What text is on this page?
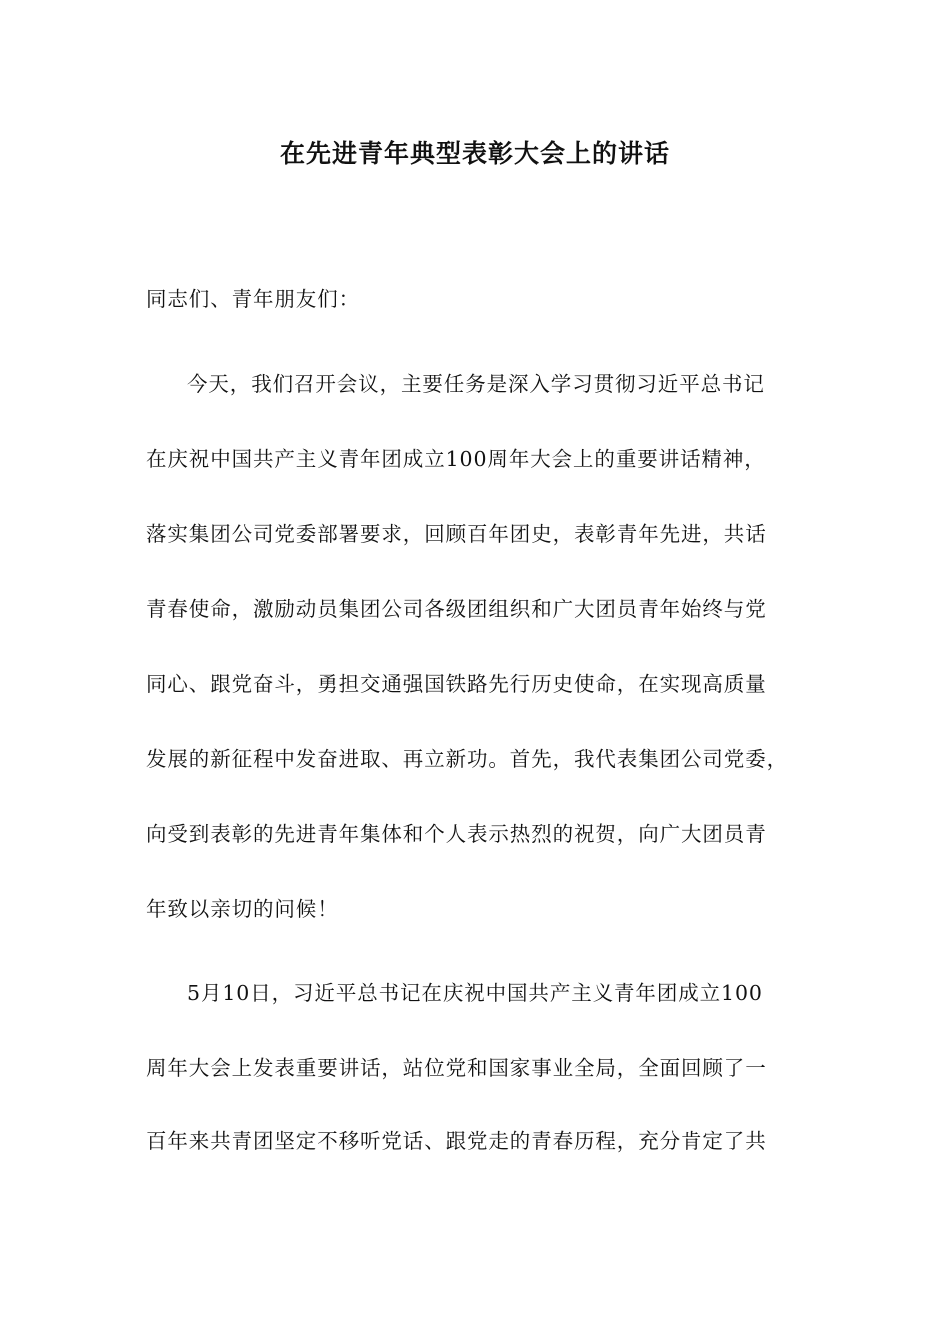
在先进青年典型表彰大会上的讲话
同志们、青年朋友们：
今天，我们召开会议，主要任务是深入学习贯彻习近平总书记
在庆祝中国共产主义青年团成立100周年大会上的重要讲话精神，
落实集团公司党委部署要求，回顾百年团史，表彰青年先进，共话
青春使命，激励动员集团公司各级团组织和广大团员青年始终与党
同心、跟党奋斗，勇担交通强国铁路先行历史使命，在实现高质量
发展的新征程中发奋进取、再立新功。首先，我代表集团公司党委，
向受到表彰的先进青年集体和个人表示热烈的祝贺，向广大团员青
年致以亲切的问候！
5月10日，习近平总书记在庆祝中国共产主义青年团成立100
周年大会上发表重要讲话，站位党和国家事业全局，全面回顾了一
百年来共青团坚定不移听党话、跟党走的青春历程，充分肯定了共
